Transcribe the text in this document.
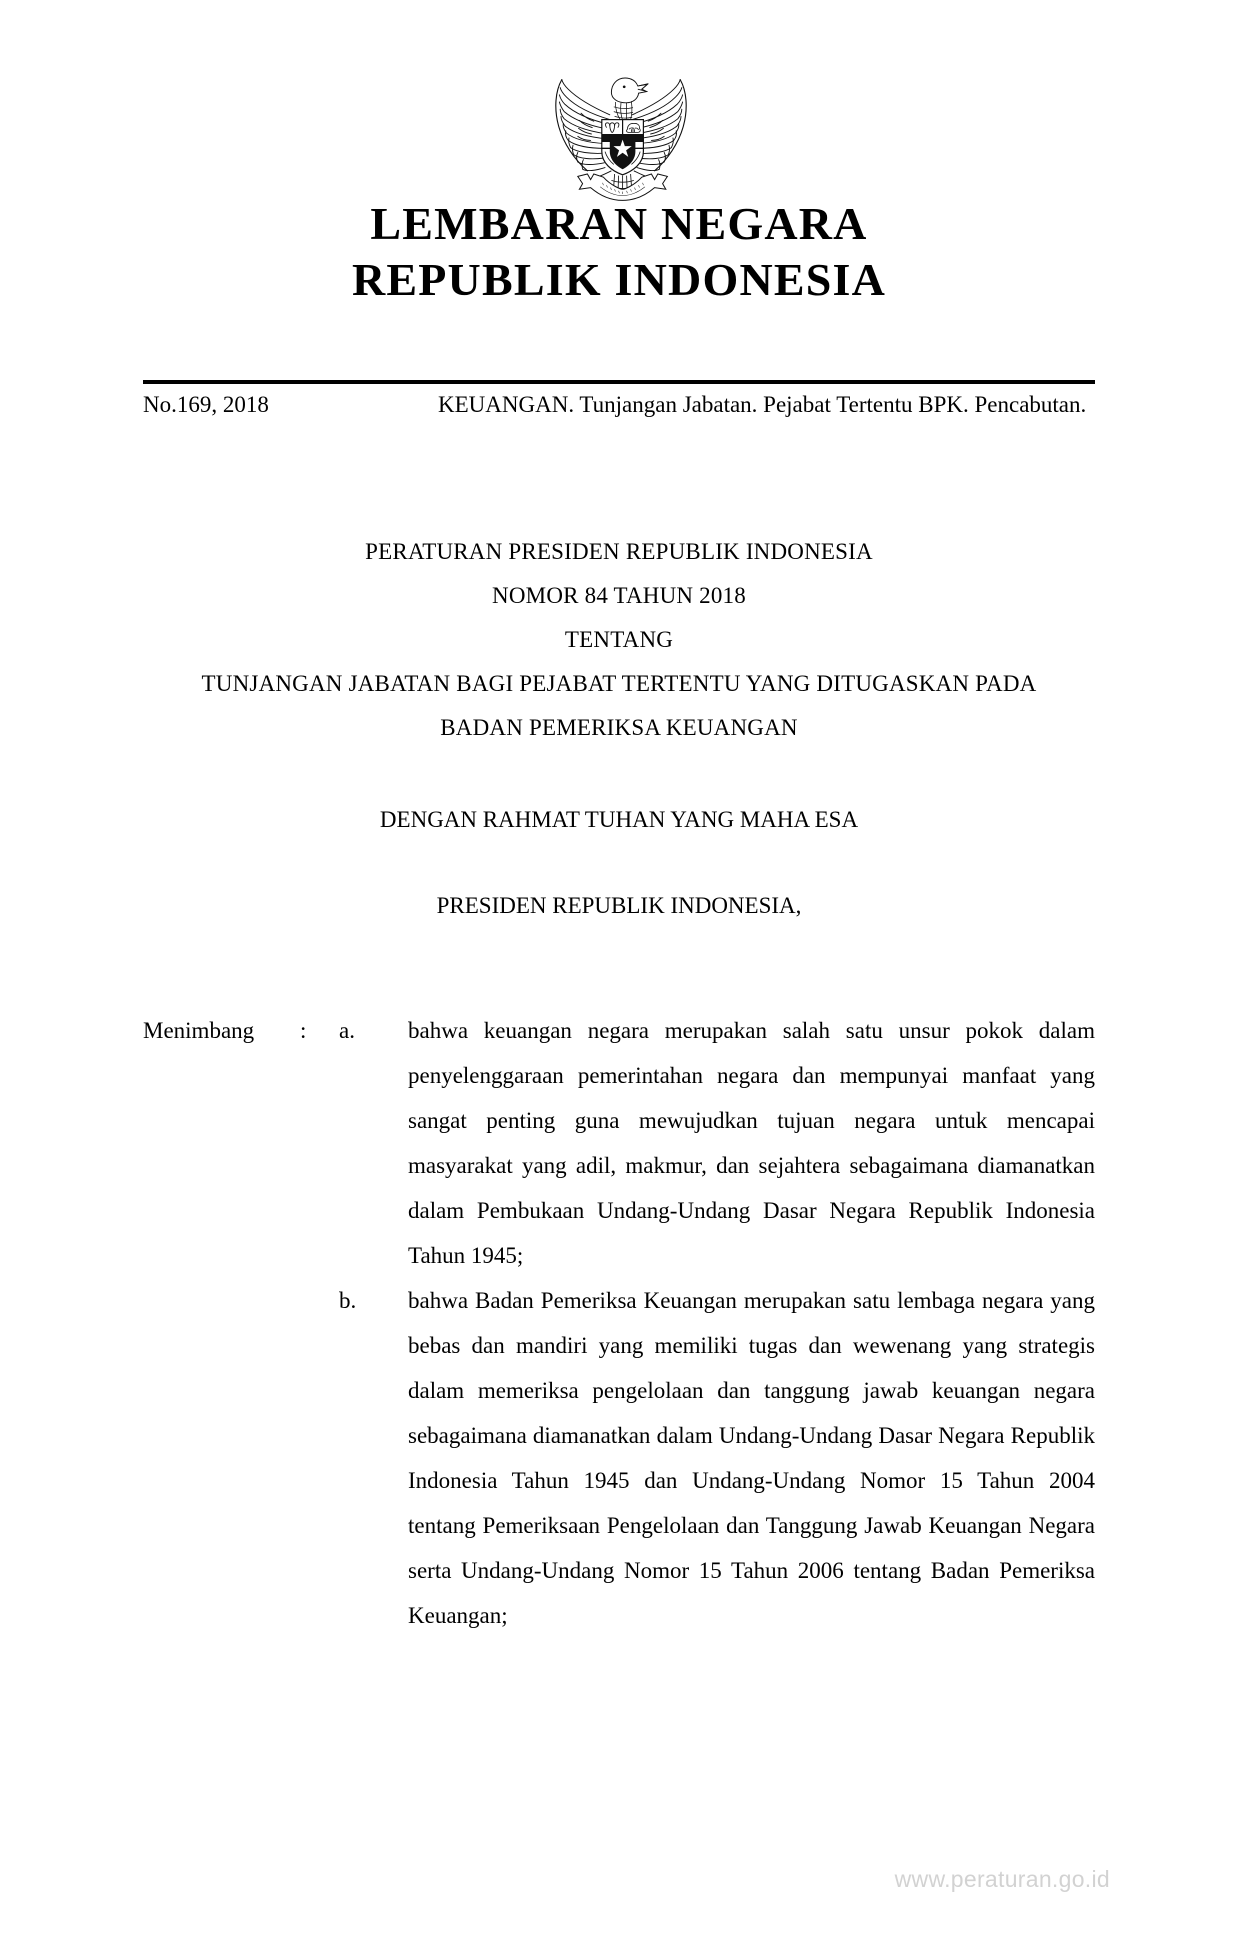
LEMBARAN NEGARA
REPUBLIK INDONESIA
No.169, 2018	KEUANGAN. Tunjangan Jabatan. Pejabat Tertentu BPK. Pencabutan.
PERATURAN PRESIDEN REPUBLIK INDONESIA
NOMOR 84 TAHUN 2018
TENTANG
TUNJANGAN JABATAN BAGI PEJABAT TERTENTU YANG DITUGASKAN PADA
BADAN PEMERIKSA KEUANGAN
DENGAN RAHMAT TUHAN YANG MAHA ESA
PRESIDEN REPUBLIK INDONESIA,
Menimbang	:	a.	bahwa keuangan negara merupakan salah satu unsur pokok dalam penyelenggaraan pemerintahan negara dan mempunyai manfaat yang sangat penting guna mewujudkan tujuan negara untuk mencapai masyarakat yang adil, makmur, dan sejahtera sebagaimana diamanatkan dalam Pembukaan Undang-Undang Dasar Negara Republik Indonesia Tahun 1945;
b.	bahwa Badan Pemeriksa Keuangan merupakan satu lembaga negara yang bebas dan mandiri yang memiliki tugas dan wewenang yang strategis dalam memeriksa pengelolaan dan tanggung jawab keuangan negara sebagaimana diamanatkan dalam Undang-Undang Dasar Negara Republik Indonesia Tahun 1945 dan Undang-Undang Nomor 15 Tahun 2004 tentang Pemeriksaan Pengelolaan dan Tanggung Jawab Keuangan Negara serta Undang-Undang Nomor 15 Tahun 2006 tentang Badan Pemeriksa Keuangan;
www.peraturan.go.id
